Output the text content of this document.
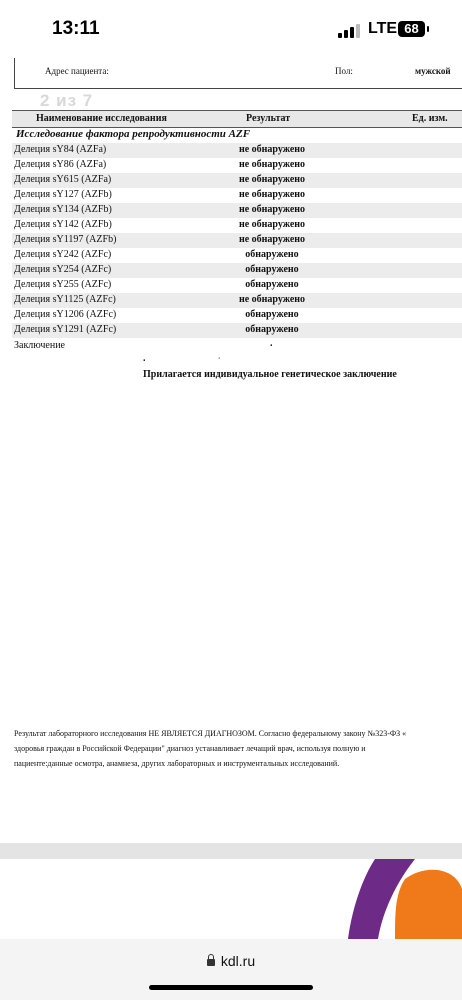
13:11	LTE 68
Адрес пациента:	Пол:	мужской
2 из 7
Наименование исследования	Результат	Ед. изм.
Исследование фактора репродуктивности AZF
Делеция sY84 (AZFa)	не обнаружено
Делеция sY86 (AZFa)	не обнаружено
Делеция sY615 (AZFa)	не обнаружено
Делеция sY127 (AZFb)	не обнаружено
Делеция sY134 (AZFb)	не обнаружено
Делеция sY142 (AZFb)	не обнаружено
Делеция sY1197 (AZFb)	не обнаружено
Делеция sY242 (AZFc)	обнаружено
Делеция sY254 (AZFc)	обнаружено
Делеция sY255 (AZFc)	обнаружено
Делеция sY1125 (AZFc)	не обнаружено
Делеция sY1206 (AZFc)	обнаружено
Делеция sY1291 (AZFc)	обнаружено
Заключение	.
.	.
Прилагается индивидуальное генетическое заключение
Результат лабораторного исследования НЕ ЯВЛЯЕТСЯ ДИАГНОЗОМ. Согласно федеральному закону №323-ФЗ «
здоровья граждан в Российской Федерации" диагноз устанавливает лечащий врач, используя полную и
пациенте:данные осмотра, анамнеза, других лабораторных и инструментальных исследований.
kdl.ru
